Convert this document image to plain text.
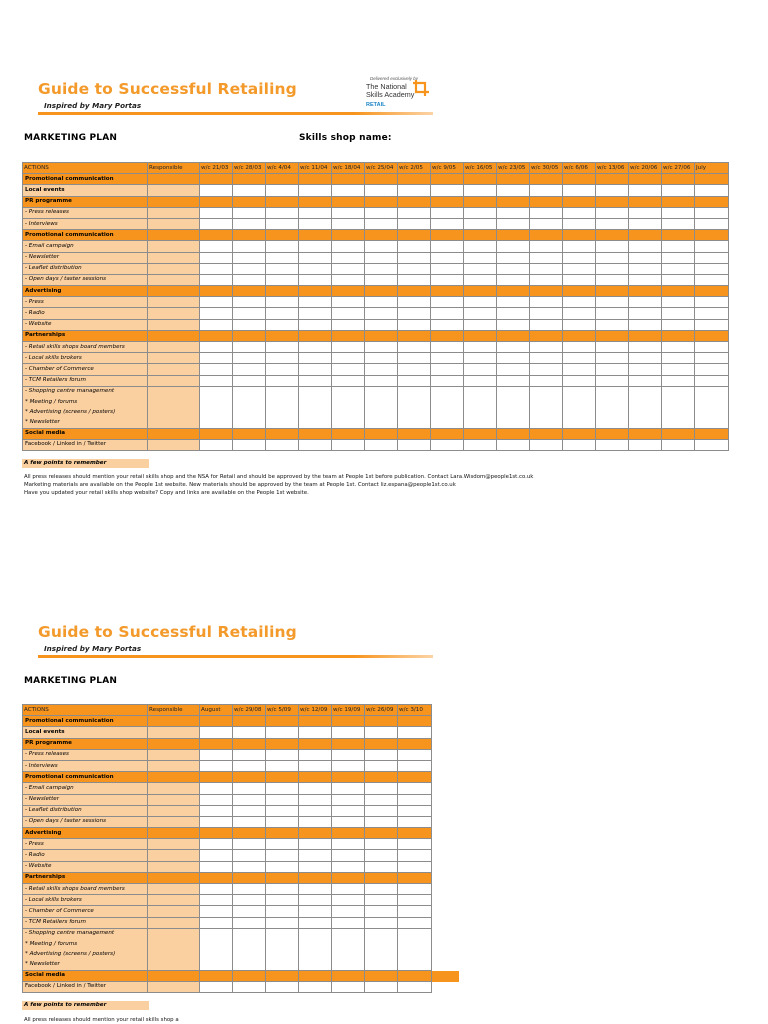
Guide to Successful Retailing
Inspired by Mary Portas
Delivered exclusively by
The National
Skills Academy
RETAIL
MARKETING PLAN	Skills shop name:
ACTIONS	Responsible	w/c 21/03	w/c 28/03	w/c 4/04	w/c 11/04	w/c 18/04	w/c 25/04	w/c 2/05	w/c 9/05	w/c 16/05	w/c 23/05	w/c 30/05	w/c 6/06	w/c 13/06	w/c 20/06	w/c 27/06	July
Promotional communication																	
Local events																	
PR programme																	
- Press releases																	
- Interviews																	
Promotional communication																	
- Email campaign																	
- Newsletter																	
- Leaflet distribution																	
- Open days / taster sessions																	
Advertising																	
- Press																	
- Radio																	
- Website																	
Partnerships																	
- Retail skills shops board members																	
- Local skills brokers																	
- Chamber of Commerce																	
- TCM Retailers forum																	
- Shopping centre management																	
* Meeting / forums																	
* Advertising (screens / posters)																	
* Newsletter																	
Social media																	
Facebook / Linked in / Twitter																	
A few points to remember
All press releases should mention your retail skills shop and the NSA for Retail and should be approved by the team at People 1st before publication. Contact Lara.Wisdom@people1st.co.uk
Marketing materials are available on the People 1st website. New materials should be approved by the team at People 1st. Contact liz.espana@people1st.co.uk
Have you updated your retail skills shop website? Copy and links are available on the People 1st website.
Guide to Successful Retailing
Inspired by Mary Portas
MARKETING PLAN
ACTIONS	Responsible	August	w/c 29/08	w/c 5/09	w/c 12/09	w/c 19/09	w/c 26/09	w/c 3/10
Promotional communication								
Local events								
PR programme								
- Press releases								
- Interviews								
Promotional communication								
- Email campaign								
- Newsletter								
- Leaflet distribution								
- Open days / taster sessions								
Advertising								
- Press								
- Radio								
- Website								
Partnerships								
- Retail skills shops board members								
- Local skills brokers								
- Chamber of Commerce								
- TCM Retailers forum								
- Shopping centre management								
* Meeting / forums								
* Advertising (screens / posters)								
* Newsletter								
Social media								
Facebook / Linked in / Twitter								
A few points to remember
All press releases should mention your retail skills shop a
